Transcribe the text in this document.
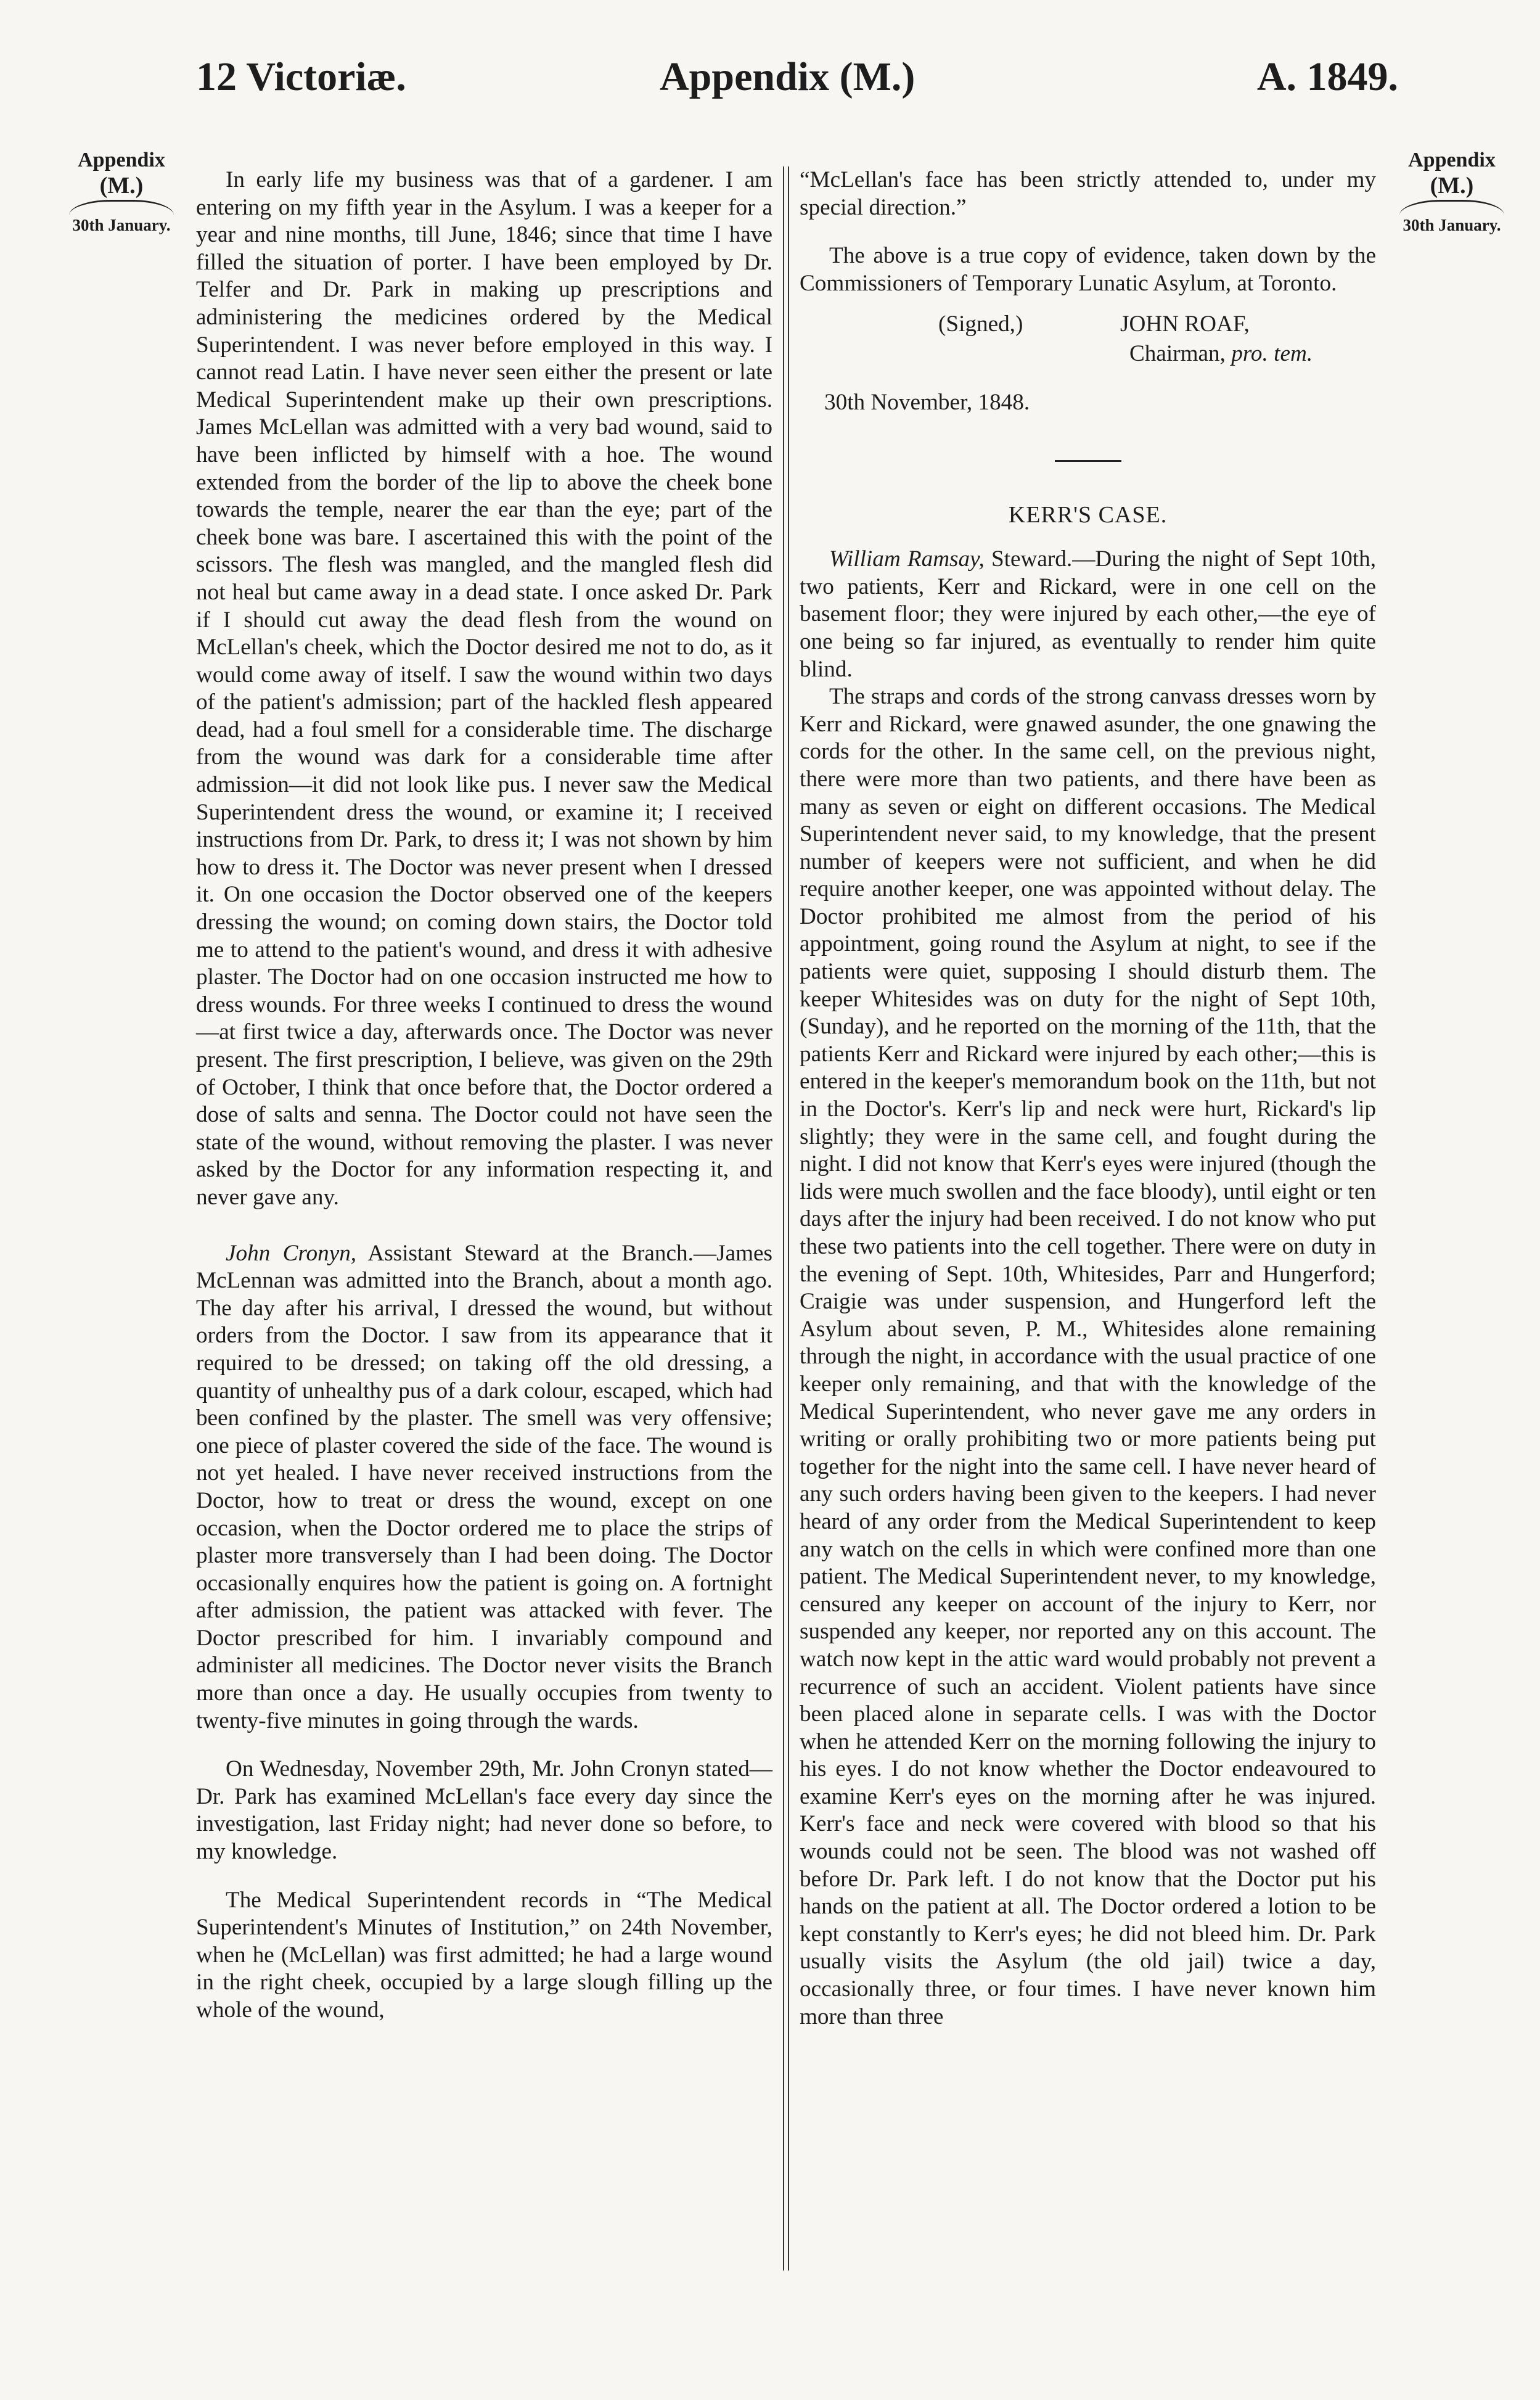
12 Victoriæ.	Appendix (M.)	A. 1849.
Appendix
(M.)
30th January.
Appendix
(M.)
30th January.

In early life my business was that of a gardener. I am entering on my fifth year in the Asylum. I was a keeper for a year and nine months, till June, 1846; since that time I have filled the situation of porter. I have been employed by Dr. Telfer and Dr. Park in making up prescriptions and administering the medicines ordered by the Medical Superintendent. I was never before employed in this way. I cannot read Latin. I have never seen either the present or late Medical Superintendent make up their own prescriptions. James McLellan was admitted with a very bad wound, said to have been inflicted by himself with a hoe. The wound extended from the border of the lip to above the cheek bone towards the temple, nearer the ear than the eye; part of the cheek bone was bare. I ascertained this with the point of the scissors. The flesh was mangled, and the mangled flesh did not heal but came away in a dead state. I once asked Dr. Park if I should cut away the dead flesh from the wound on McLellan's cheek, which the Doctor desired me not to do, as it would come away of itself. I saw the wound within two days of the patient's admission; part of the hackled flesh appeared dead, had a foul smell for a considerable time. The discharge from the wound was dark for a considerable time after admission—it did not look like pus. I never saw the Medical Superintendent dress the wound, or examine it; I received instructions from Dr. Park, to dress it; I was not shown by him how to dress it. The Doctor was never present when I dressed it. On one occasion the Doctor observed one of the keepers dressing the wound; on coming down stairs, the Doctor told me to attend to the patient's wound, and dress it with adhesive plaster. The Doctor had on one occasion instructed me how to dress wounds. For three weeks I continued to dress the wound—at first twice a day, afterwards once. The Doctor was never present. The first prescription, I believe, was given on the 29th of October, I think that once before that, the Doctor ordered a dose of salts and senna. The Doctor could not have seen the state of the wound, without removing the plaster. I was never asked by the Doctor for any information respecting it, and never gave any.

John Cronyn, Assistant Steward at the Branch.—James McLennan was admitted into the Branch, about a month ago. The day after his arrival, I dressed the wound, but without orders from the Doctor. I saw from its appearance that it required to be dressed; on taking off the old dressing, a quantity of unhealthy pus of a dark colour, escaped, which had been confined by the plaster. The smell was very offensive; one piece of plaster covered the side of the face. The wound is not yet healed. I have never received instructions from the Doctor, how to treat or dress the wound, except on one occasion, when the Doctor ordered me to place the strips of plaster more transversely than I had been doing. The Doctor occasionally enquires how the patient is going on. A fortnight after admission, the patient was attacked with fever. The Doctor prescribed for him. I invariably compound and administer all medicines. The Doctor never visits the Branch more than once a day. He usually occupies from twenty to twenty-five minutes in going through the wards.

On Wednesday, November 29th, Mr. John Cronyn stated—Dr. Park has examined McLellan's face every day since the investigation, last Friday night; had never done so before, to my knowledge.

The Medical Superintendent records in “The Medical Superintendent's Minutes of Institution,” on 24th November, when he (McLellan) was first admitted; he had a large wound in the right cheek, occupied by a large slough filling up the whole of the wound,

“McLellan's face has been strictly attended to, under my special direction.”

The above is a true copy of evidence, taken down by the Commissioners of Temporary Lunatic Asylum, at Toronto.

(Signed,)	JOHN ROAF,
Chairman, pro. tem.
30th November, 1848.
KERR'S CASE.

William Ramsay, Steward.—During the night of Sept 10th, two patients, Kerr and Rickard, were in one cell on the basement floor; they were injured by each other,—the eye of one being so far injured, as eventually to render him quite blind.

The straps and cords of the strong canvass dresses worn by Kerr and Rickard, were gnawed asunder, the one gnawing the cords for the other. In the same cell, on the previous night, there were more than two patients, and there have been as many as seven or eight on different occasions. The Medical Superintendent never said, to my knowledge, that the present number of keepers were not sufficient, and when he did require another keeper, one was appointed without delay. The Doctor prohibited me almost from the period of his appointment, going round the Asylum at night, to see if the patients were quiet, supposing I should disturb them. The keeper Whitesides was on duty for the night of Sept 10th, (Sunday), and he reported on the morning of the 11th, that the patients Kerr and Rickard were injured by each other;—this is entered in the keeper's memorandum book on the 11th, but not in the Doctor's. Kerr's lip and neck were hurt, Rickard's lip slightly; they were in the same cell, and fought during the night. I did not know that Kerr's eyes were injured (though the lids were much swollen and the face bloody), until eight or ten days after the injury had been received. I do not know who put these two patients into the cell together. There were on duty in the evening of Sept. 10th, Whitesides, Parr and Hungerford; Craigie was under suspension, and Hungerford left the Asylum about seven, P. M., Whitesides alone remaining through the night, in accordance with the usual practice of one keeper only remaining, and that with the knowledge of the Medical Superintendent, who never gave me any orders in writing or orally prohibiting two or more patients being put together for the night into the same cell. I have never heard of any such orders having been given to the keepers. I had never heard of any order from the Medical Superintendent to keep any watch on the cells in which were confined more than one patient. The Medical Superintendent never, to my knowledge, censured any keeper on account of the injury to Kerr, nor suspended any keeper, nor reported any on this account. The watch now kept in the attic ward would probably not prevent a recurrence of such an accident. Violent patients have since been placed alone in separate cells. I was with the Doctor when he attended Kerr on the morning following the injury to his eyes. I do not know whether the Doctor endeavoured to examine Kerr's eyes on the morning after he was injured. Kerr's face and neck were covered with blood so that his wounds could not be seen. The blood was not washed off before Dr. Park left. I do not know that the Doctor put his hands on the patient at all. The Doctor ordered a lotion to be kept constantly to Kerr's eyes; he did not bleed him. Dr. Park usually visits the Asylum (the old jail) twice a day, occasionally three, or four times. I have never known him more than three
